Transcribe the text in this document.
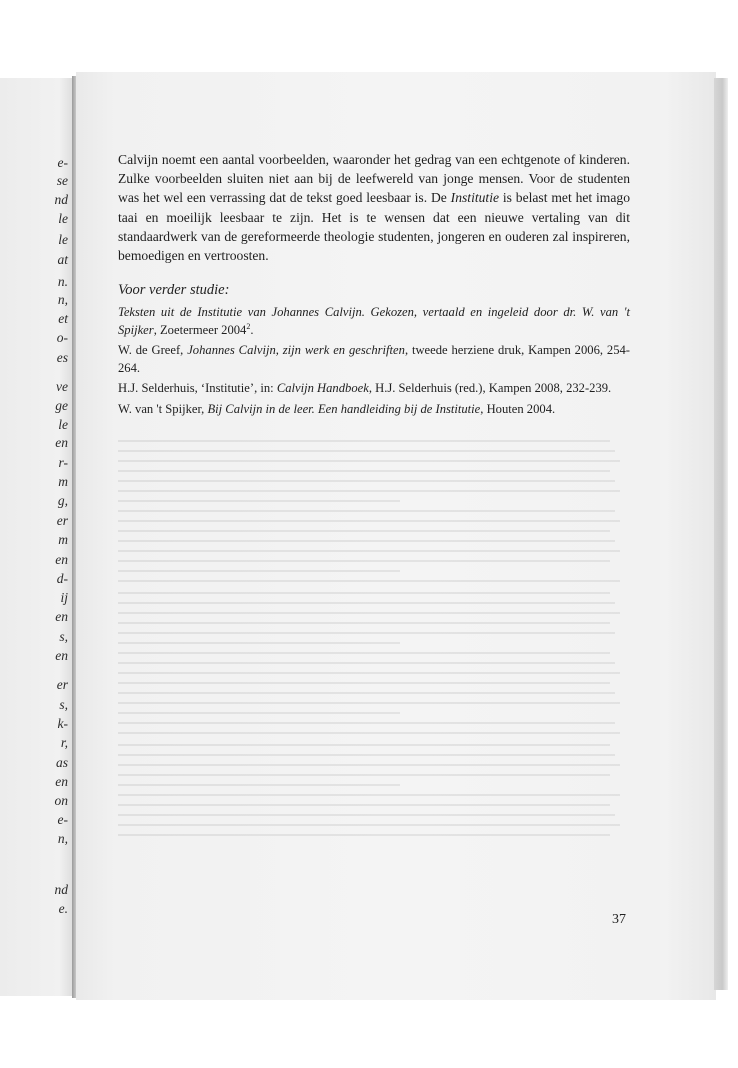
e-
se
nd
le
le
at
n.
n,
et
o-
es
ve
ge
le
en
r-
m
g,
er
m
en
d-
ij
en
s,
en
er
s,
k-
r,
as
en
on
e-
n,
nd
e.

Calvijn noemt een aantal voorbeelden, waaronder het gedrag van een echtgenote of kinderen. Zulke voorbeelden sluiten niet aan bij de leefwereld van jonge mensen. Voor de studenten was het wel een verrassing dat de tekst goed leesbaar is. De Institutie is belast met het imago taai en moeilijk leesbaar te zijn. Het is te wensen dat een nieuwe vertaling van dit standaardwerk van de gereformeerde theologie studenten, jongeren en ouderen zal inspireren, bemoedigen en vertroosten.

Voor verder studie:
Teksten uit de Institutie van Johannes Calvijn. Gekozen, vertaald en ingeleid door dr. W. van 't Spijker, Zoetermeer 2004$^2$.
W. de Greef, Johannes Calvijn, zijn werk en geschriften, tweede herziene druk, Kampen 2006, 254-264.
H.J. Selderhuis, ‘Institutie’, in: Calvijn Handboek, H.J. Selderhuis (red.), Kampen 2008, 232-239.
W. van 't Spijker, Bij Calvijn in de leer. Een handleiding bij de Institutie, Houten 2004.
37
